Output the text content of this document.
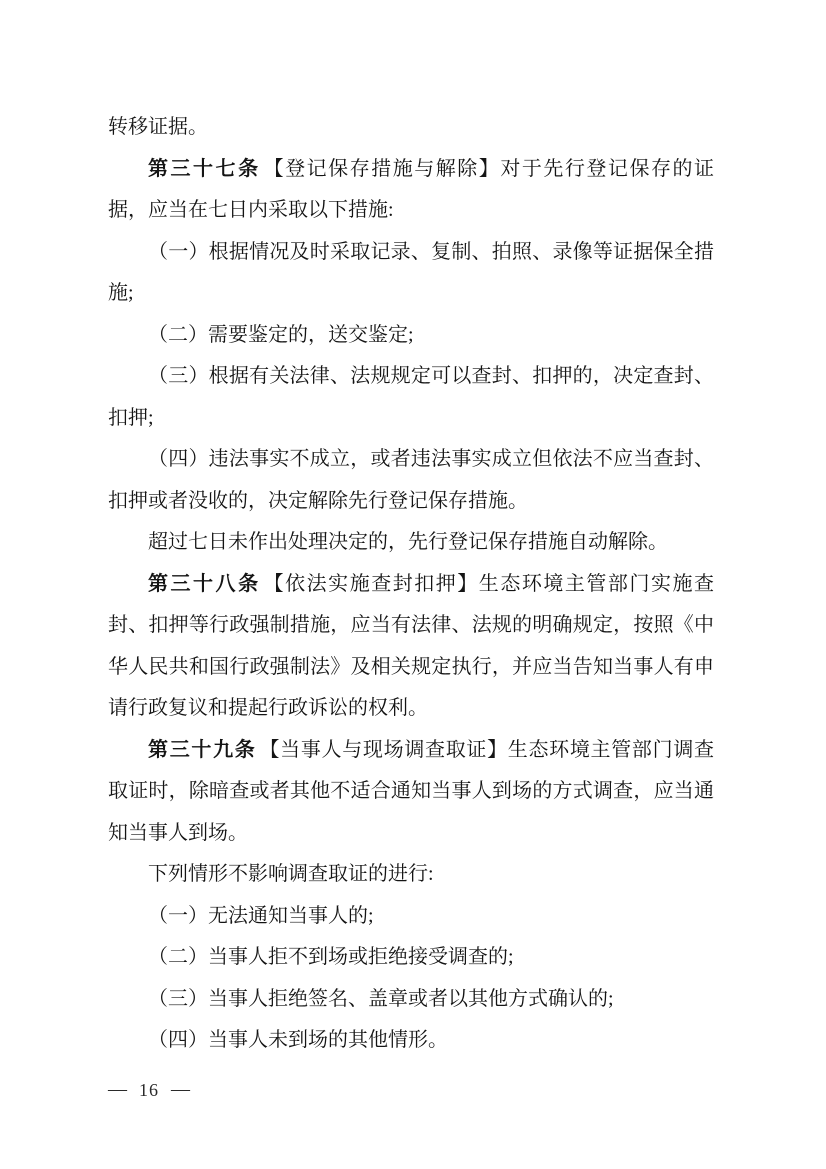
转移证据。

第三十七条 【登记保存措施与解除】对于先行登记保存的证据，应当在七日内采取以下措施:

（一）根据情况及时采取记录、复制、拍照、录像等证据保全措施;

（二）需要鉴定的，送交鉴定;

（三）根据有关法律、法规规定可以查封、扣押的，决定查封、扣押;

（四）违法事实不成立，或者违法事实成立但依法不应当查封、扣押或者没收的，决定解除先行登记保存措施。

超过七日未作出处理决定的，先行登记保存措施自动解除。

第三十八条 【依法实施查封扣押】生态环境主管部门实施查封、扣押等行政强制措施，应当有法律、法规的明确规定，按照《中华人民共和国行政强制法》及相关规定执行，并应当告知当事人有申请行政复议和提起行政诉讼的权利。

第三十九条 【当事人与现场调查取证】生态环境主管部门调查取证时，除暗查或者其他不适合通知当事人到场的方式调查，应当通知当事人到场。

下列情形不影响调查取证的进行:

（一）无法通知当事人的;

（二）当事人拒不到场或拒绝接受调查的;

（三）当事人拒绝签名、盖章或者以其他方式确认的;

（四）当事人未到场的其他情形。

— 16 —
